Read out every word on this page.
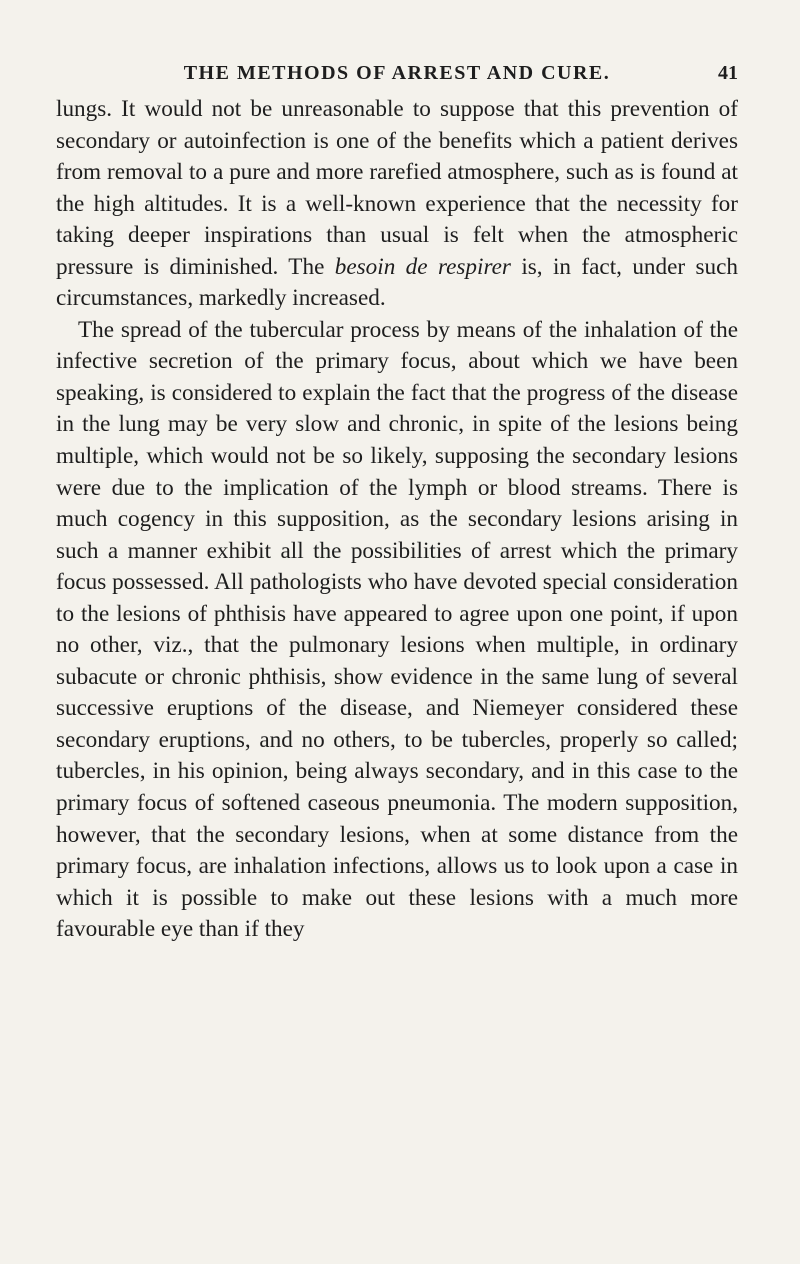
THE METHODS OF ARREST AND CURE.	41

lungs. It would not be unreasonable to suppose that this prevention of secondary or autoinfection is one of the benefits which a patient derives from removal to a pure and more rarefied atmosphere, such as is found at the high altitudes. It is a well-known experience that the necessity for taking deeper inspirations than usual is felt when the atmospheric pressure is diminished. The besoin de respirer is, in fact, under such circumstances, markedly increased.

The spread of the tubercular process by means of the inhalation of the infective secretion of the primary focus, about which we have been speaking, is considered to explain the fact that the progress of the disease in the lung may be very slow and chronic, in spite of the lesions being multiple, which would not be so likely, supposing the secondary lesions were due to the implication of the lymph or blood streams. There is much cogency in this supposition, as the secondary lesions arising in such a manner exhibit all the possibilities of arrest which the primary focus possessed. All pathologists who have devoted special consideration to the lesions of phthisis have appeared to agree upon one point, if upon no other, viz., that the pulmonary lesions when multiple, in ordinary subacute or chronic phthisis, show evidence in the same lung of several successive eruptions of the disease, and Niemeyer considered these secondary eruptions, and no others, to be tubercles, properly so called; tubercles, in his opinion, being always secondary, and in this case to the primary focus of softened caseous pneumonia. The modern supposition, however, that the secondary lesions, when at some distance from the primary focus, are inhalation infections, allows us to look upon a case in which it is possible to make out these lesions with a much more favourable eye than if they
